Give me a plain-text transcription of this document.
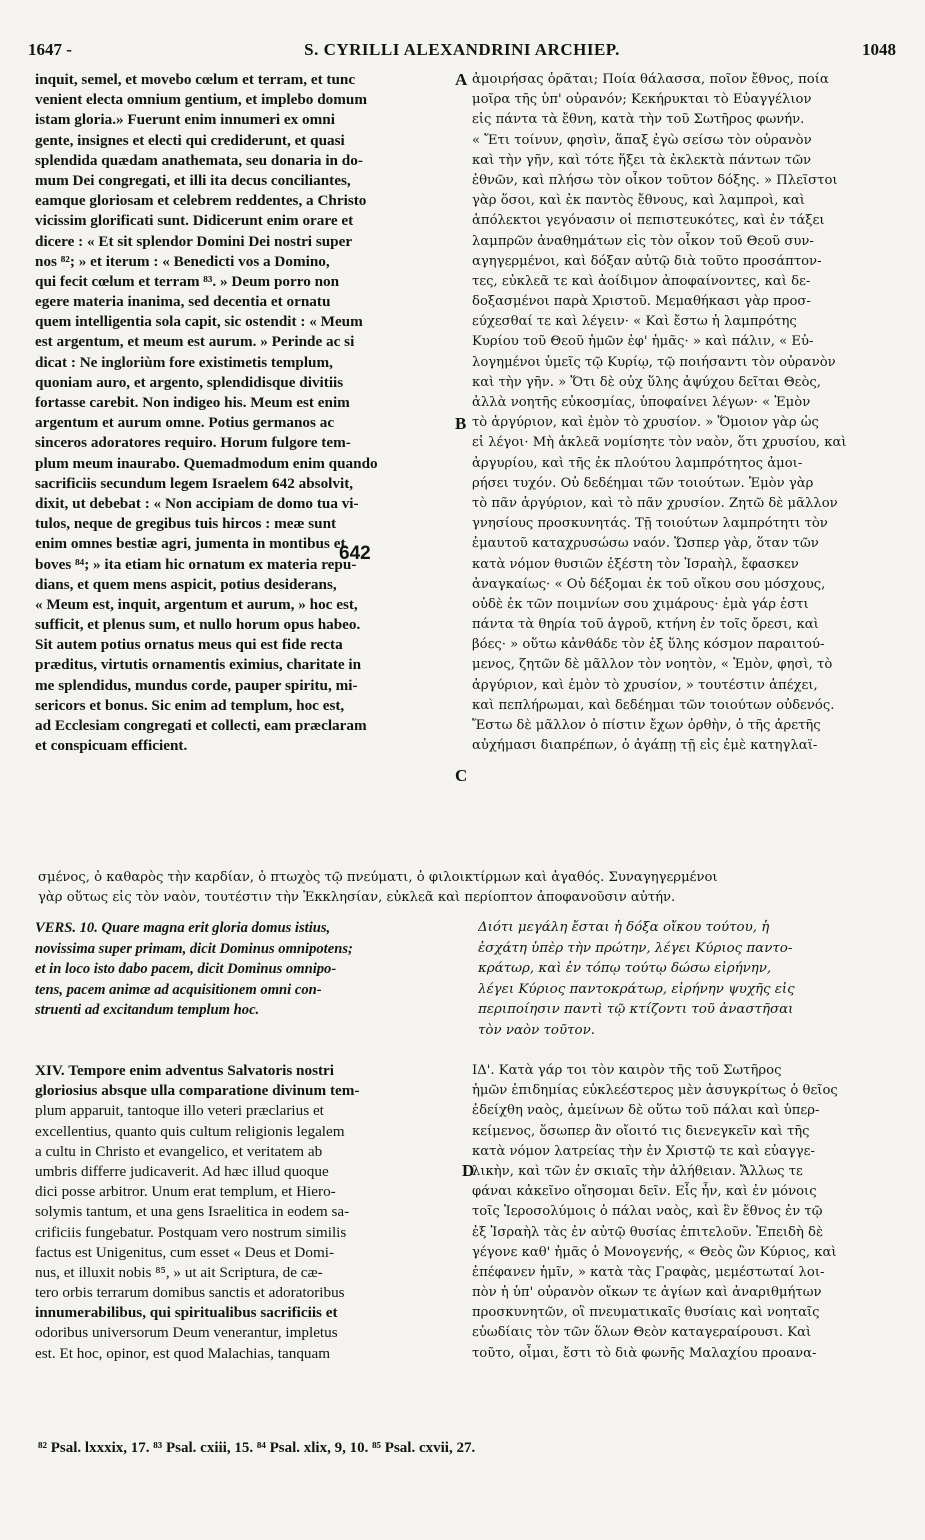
1647 -	S. CYRILLI ALEXANDRINI ARCHIEP.	1048
A
B
C
D
inquit, semel, et movebo cœlum et terram, et tunc
venient electa omnium gentium, et implebo domum
istam gloria.» Fuerunt enim innumeri ex omni
gente, insignes et electi qui crediderunt, et quasi
splendida quædam anathemata, seu donaria in do-
mum Dei congregati, et illi ita decus conciliantes,
eamque gloriosam et celebrem reddentes, a Christo
vicissim glorificati sunt. Didicerunt enim orare et
dicere : « Et sit splendor Domini Dei nostri super
nos ⁸²; » et iterum : « Benedicti vos a Domino,
qui fecit cœlum et terram ⁸³. » Deum porro non
egere materia inanima, sed decentia et ornatu
quem intelligentia sola capit, sic ostendit : « Meum
est argentum, et meum est aurum. » Perinde ac si
dicat : Ne ingloriùm fore existimetis templum,
quoniam auro, et argento, splendidisque divitiis
fortasse carebit. Non indigeo his. Meum est enim
argentum et aurum omne. Potius germanos ac
sinceros adoratores requiro. Horum fulgore tem-
plum meum inaurabo. Quemadmodum enim quando
sacrificiis secundum legem Israelem 642 absolvit,
dixit, ut debebat : « Non accipiam de domo tua vi-
tulos, neque de gregibus tuis hircos : meæ sunt
enim omnes bestiæ agri, jumenta in montibus et
boves ⁸⁴; » ita etiam hic ornatum ex materia repu-
dians, et quem mens aspicit, potius desiderans,
« Meum est, inquit, argentum et aurum, » hoc est,
sufficit, et plenus sum, et nullo horum opus habeo.
Sit autem potius ornatus meus qui est fide recta
præditus, virtutis ornamentis eximius, charitate in
me splendidus, mundus corde, pauper spiritu, mi-
sericors et bonus. Sic enim ad templum, hoc est,
ad Ecclesiam congregati et collecti, eam præclaram
et conspicuam efficient.
642
ἀμοιρήσας ὁρᾶται; Ποία θάλασσα, ποῖον ἔθνος, ποία
μοῖρα τῆς ὑπ' οὐρανόν; Κεκήρυκται τὸ Εὐαγγέλιον
εἰς πάντα τὰ ἔθνη, κατὰ τὴν τοῦ Σωτῆρος φωνήν.
« Ἔτι τοίνυν, φησὶν, ἅπαξ ἐγὼ σείσω τὸν οὐρανὸν
καὶ τὴν γῆν, καὶ τότε ἥξει τὰ ἐκλεκτὰ πάντων τῶν
ἐθνῶν, καὶ πλήσω τὸν οἶκον τοῦτον δόξης. » Πλεῖστοι
γὰρ ὅσοι, καὶ ἐκ παντὸς ἔθνους, καὶ λαμπροὶ, καὶ
ἀπόλεκτοι γεγόνασιν οἱ πεπιστευκότες, καὶ ἐν τάξει
λαμπρῶν ἀναθημάτων εἰς τὸν οἶκον τοῦ Θεοῦ συν-
αγηγερμένοι, καὶ δόξαν αὐτῷ διὰ τοῦτο προσάπτον-
τες, εὐκλεᾶ τε καὶ ἀοίδιμον ἀποφαίνοντες, καὶ δε-
δοξασμένοι παρὰ Χριστοῦ. Μεμαθήκασι γὰρ προσ-
εύχεσθαί τε καὶ λέγειν· « Καὶ ἔστω ἡ λαμπρότης
Κυρίου τοῦ Θεοῦ ἡμῶν ἐφ' ἡμᾶς· » καὶ πάλιν, « Εὐ-
λογημένοι ὑμεῖς τῷ Κυρίῳ, τῷ ποιήσαντι τὸν οὐρανὸν
καὶ τὴν γῆν. » Ὅτι δὲ οὐχ ὕλης ἀψύχου δεῖται Θεὸς,
ἀλλὰ νοητῆς εὐκοσμίας, ὑποφαίνει λέγων· « Ἐμὸν
τὸ ἀργύριον, καὶ ἐμὸν τὸ χρυσίον. » Ὅμοιον γὰρ ὡς
εἰ λέγοι· Μὴ ἀκλεᾶ νομίσητε τὸν ναὸν, ὅτι χρυσίου, καὶ
ἀργυρίου, καὶ τῆς ἐκ πλούτου λαμπρότητος ἀμοι-
ρήσει τυχόν. Οὐ δεδέημαι τῶν τοιούτων. Ἐμὸν γὰρ
τὸ πᾶν ἀργύριον, καὶ τὸ πᾶν χρυσίον. Ζητῶ δὲ μᾶλλον
γνησίους προσκυνητάς. Τῇ τοιούτων λαμπρότητι τὸν
ἐμαυτοῦ καταχρυσώσω ναόν. Ὥσπερ γὰρ, ὅταν τῶν
κατὰ νόμον θυσιῶν ἐξέστη τὸν Ἰσραὴλ, ἔφασκεν
ἀναγκαίως· « Οὐ δέξομαι ἐκ τοῦ οἴκου σου μόσχους,
οὐδὲ ἐκ τῶν ποιμνίων σου χιμάρους· ἐμὰ γάρ ἐστι
πάντα τὰ θηρία τοῦ ἀγροῦ, κτήνη ἐν τοῖς ὄρεσι, καὶ
βόες· » οὕτω κἀνθάδε τὸν ἐξ ὕλης κόσμον παραιτού-
μενος, ζητῶν δὲ μᾶλλον τὸν νοητὸν, « Ἐμὸν, φησὶ, τὸ
ἀργύριον, καὶ ἐμὸν τὸ χρυσίον, » τουτέστιν ἀπέχει,
καὶ πεπλήρωμαι, καὶ δεδέημαι τῶν τοιούτων οὐδενός.
Ἔστω δὲ μᾶλλον ὁ πίστιν ἔχων ὀρθὴν, ὁ τῆς ἀρετῆς
αὐχήμασι διαπρέπων, ὁ ἀγάπῃ τῇ εἰς ἐμὲ κατηγλαϊ-
σμένος, ὁ καθαρὸς τὴν καρδίαν, ὁ πτωχὸς τῷ πνεύματι, ὁ φιλοικτίρμων καὶ ἀγαθός. Συναγηγερμένοι
γὰρ οὕτως εἰς τὸν ναὸν, τουτέστιν τὴν Ἐκκλησίαν, εὐκλεᾶ καὶ περίοπτον ἀποφανοῦσιν αὐτήν.
VERS. 10. Quare magna erit gloria domus istius,
novissima super primam, dicit Dominus omnipotens;
et in loco isto dabo pacem, dicit Dominus omnipo-
tens, pacem animæ ad acquisitionem omni con-
struenti ad excitandum templum hoc.
Διότι μεγάλη ἔσται ἡ δόξα οἴκου τούτου, ἡ
ἐσχάτη ὑπὲρ τὴν πρώτην, λέγει Κύριος παντο-
κράτωρ, καὶ ἐν τόπῳ τούτῳ δώσω εἰρήνην,
λέγει Κύριος παντοκράτωρ, εἰρήνην ψυχῆς εἰς
περιποίησιν παντὶ τῷ κτίζοντι τοῦ ἀναστῆσαι
τὸν ναὸν τοῦτον.
XIV. Tempore enim adventus Salvatoris nostri
gloriosius absque ulla comparatione divinum tem-
plum apparuit, tantoque illo veteri præclarius et
excellentius, quanto quis cultum religionis legalem
a cultu in Christo et evangelico, et veritatem ab
umbris differre judicaverit. Ad hæc illud quoque
dici posse arbitror. Unum erat templum, et Hiero-
solymis tantum, et una gens Israelitica in eodem sa-
crificiis fungebatur. Postquam vero nostrum similis
factus est Unigenitus, cum esset « Deus et Domi-
nus, et illuxit nobis ⁸⁵, » ut ait Scriptura, de cæ-
tero orbis terrarum domibus sanctis et adoratoribus
innumerabilibus, qui spiritualibus sacrificiis et
odoribus universorum Deum venerantur, impletus
est. Et hoc, opinor, est quod Malachias, tanquam
ΙΔ'. Κατὰ γάρ τοι τὸν καιρὸν τῆς τοῦ Σωτῆρος
ἡμῶν ἐπιδημίας εὐκλεέστερος μὲν ἀσυγκρίτως ὁ θεῖος
ἐδείχθη ναὸς, ἀμείνων δὲ οὕτω τοῦ πάλαι καὶ ὑπερ-
κείμενος, ὅσωπερ ἂν οἴοιτό τις διενεγκεῖν καὶ τῆς
κατὰ νόμον λατρείας τὴν ἐν Χριστῷ τε καὶ εὐαγγε-
λικὴν, καὶ τῶν ἐν σκιαῖς τὴν ἀλήθειαν. Ἄλλως τε
φάναι κἀκεῖνο οἴησομαι δεῖν. Εἷς ἦν, καὶ ἐν μόνοις
τοῖς Ἱεροσολύμοις ὁ πάλαι ναὸς, καὶ ἓν ἔθνος ἐν τῷ
ἐξ Ἰσραὴλ τὰς ἐν αὐτῷ θυσίας ἐπιτελοῦν. Ἐπειδὴ δὲ
γέγονε καθ' ἡμᾶς ὁ Μονογενής, « Θεὸς ὢν Κύριος, καὶ
ἐπέφανεν ἡμῖν, » κατὰ τὰς Γραφὰς, μεμέστωταί λοι-
πὸν ἡ ὑπ' οὐρανὸν οἴκων τε ἁγίων καὶ ἀναριθμήτων
προσκυνητῶν, οἳ πνευματικαῖς θυσίαις καὶ νοηταῖς
εὐωδίαις τὸν τῶν ὅλων Θεὸν καταγεραίρουσι. Καὶ
τοῦτο, οἶμαι, ἔστι τὸ διὰ φωνῆς Μαλαχίου προανα-
⁸² Psal. lxxxix, 17. ⁸³ Psal. cxiii, 15. ⁸⁴ Psal. xlix, 9, 10. ⁸⁵ Psal. cxvii, 27.
